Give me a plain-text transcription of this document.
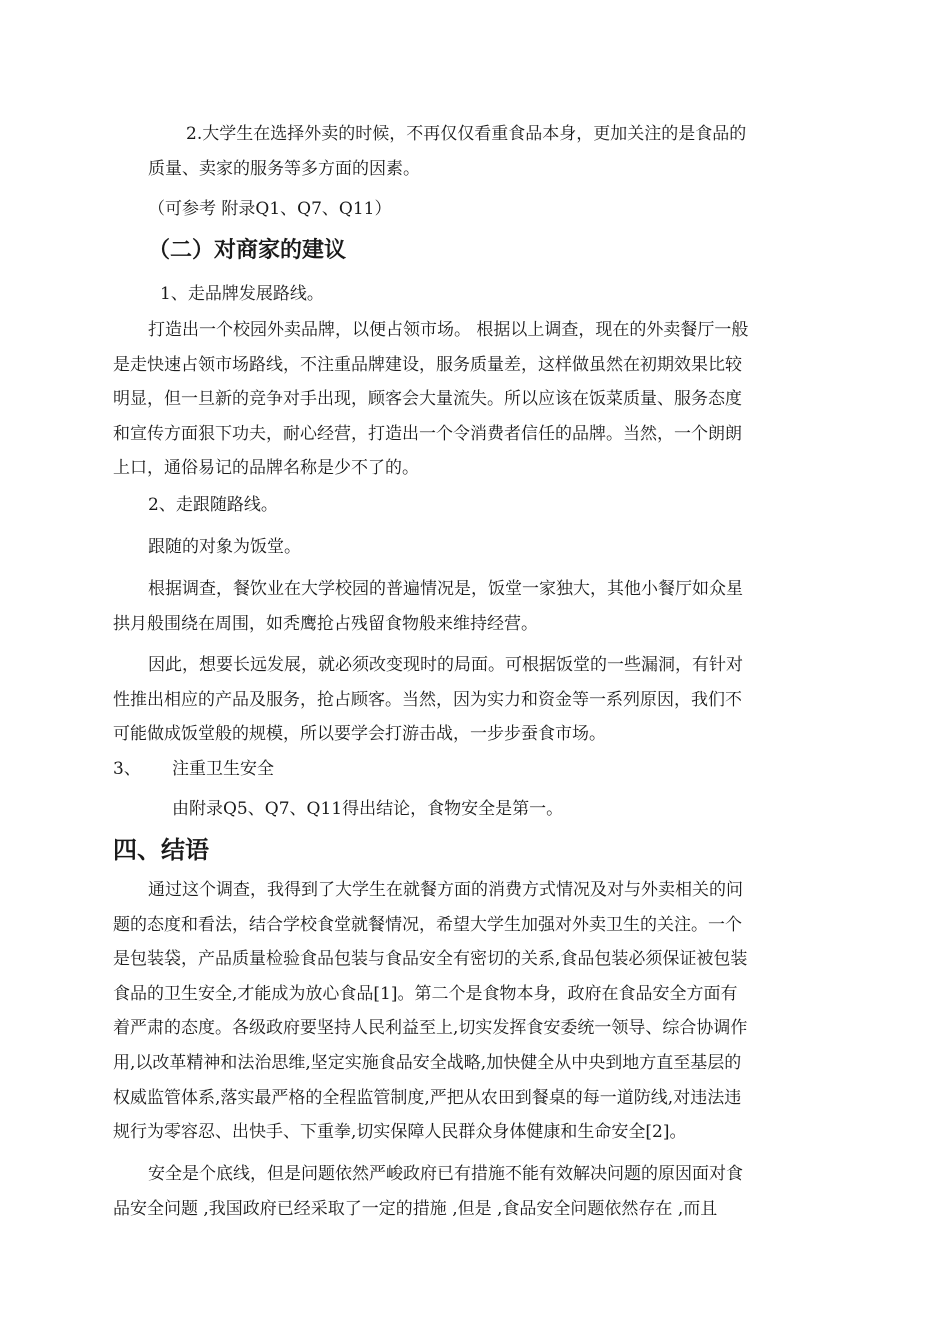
2.大学生在选择外卖的时候，不再仅仅看重食品本身，更加关注的是食品的
质量、卖家的服务等多方面的因素。
（可参考 附录Q1、Q7、Q11）
（二）对商家的建议
1、走品牌发展路线。
打造出一个校园外卖品牌，以便占领市场。 根据以上调查，现在的外卖餐厅一般
是走快速占领市场路线，不注重品牌建设，服务质量差，这样做虽然在初期效果比较
明显，但一旦新的竞争对手出现，顾客会大量流失。所以应该在饭菜质量、服务态度
和宣传方面狠下功夫，耐心经营，打造出一个令消费者信任的品牌。当然，一个朗朗
上口，通俗易记的品牌名称是少不了的。
2、走跟随路线。
跟随的对象为饭堂。
根据调查，餐饮业在大学校园的普遍情况是，饭堂一家独大，其他小餐厅如众星
拱月般围绕在周围，如秃鹰抢占残留食物般来维持经营。
因此，想要长远发展，就必须改变现时的局面。可根据饭堂的一些漏洞，有针对
性推出相应的产品及服务，抢占顾客。当然，因为实力和资金等一系列原因，我们不
可能做成饭堂般的规模，所以要学会打游击战，一步步蚕食市场。
3、	注重卫生安全
由附录Q5、Q7、Q11得出结论，食物安全是第一。
四、结语
通过这个调查，我得到了大学生在就餐方面的消费方式情况及对与外卖相关的问
题的态度和看法，结合学校食堂就餐情况，希望大学生加强对外卖卫生的关注。一个
是包装袋，产品质量检验食品包装与食品安全有密切的关系,食品包装必须保证被包装
食品的卫生安全,才能成为放心食品[1]。第二个是食物本身，政府在食品安全方面有
着严肃的态度。各级政府要坚持人民利益至上,切实发挥食安委统一领导、综合协调作
用,以改革精神和法治思维,坚定实施食品安全战略,加快健全从中央到地方直至基层的
权威监管体系,落实最严格的全程监管制度,严把从农田到餐桌的每一道防线,对违法违
规行为零容忍、出快手、下重拳,切实保障人民群众身体健康和生命安全[2]。
安全是个底线，但是问题依然严峻政府已有措施不能有效解决问题的原因面对食
品安全问题 ,我国政府已经采取了一定的措施 ,但是 ,食品安全问题依然存在 ,而且
